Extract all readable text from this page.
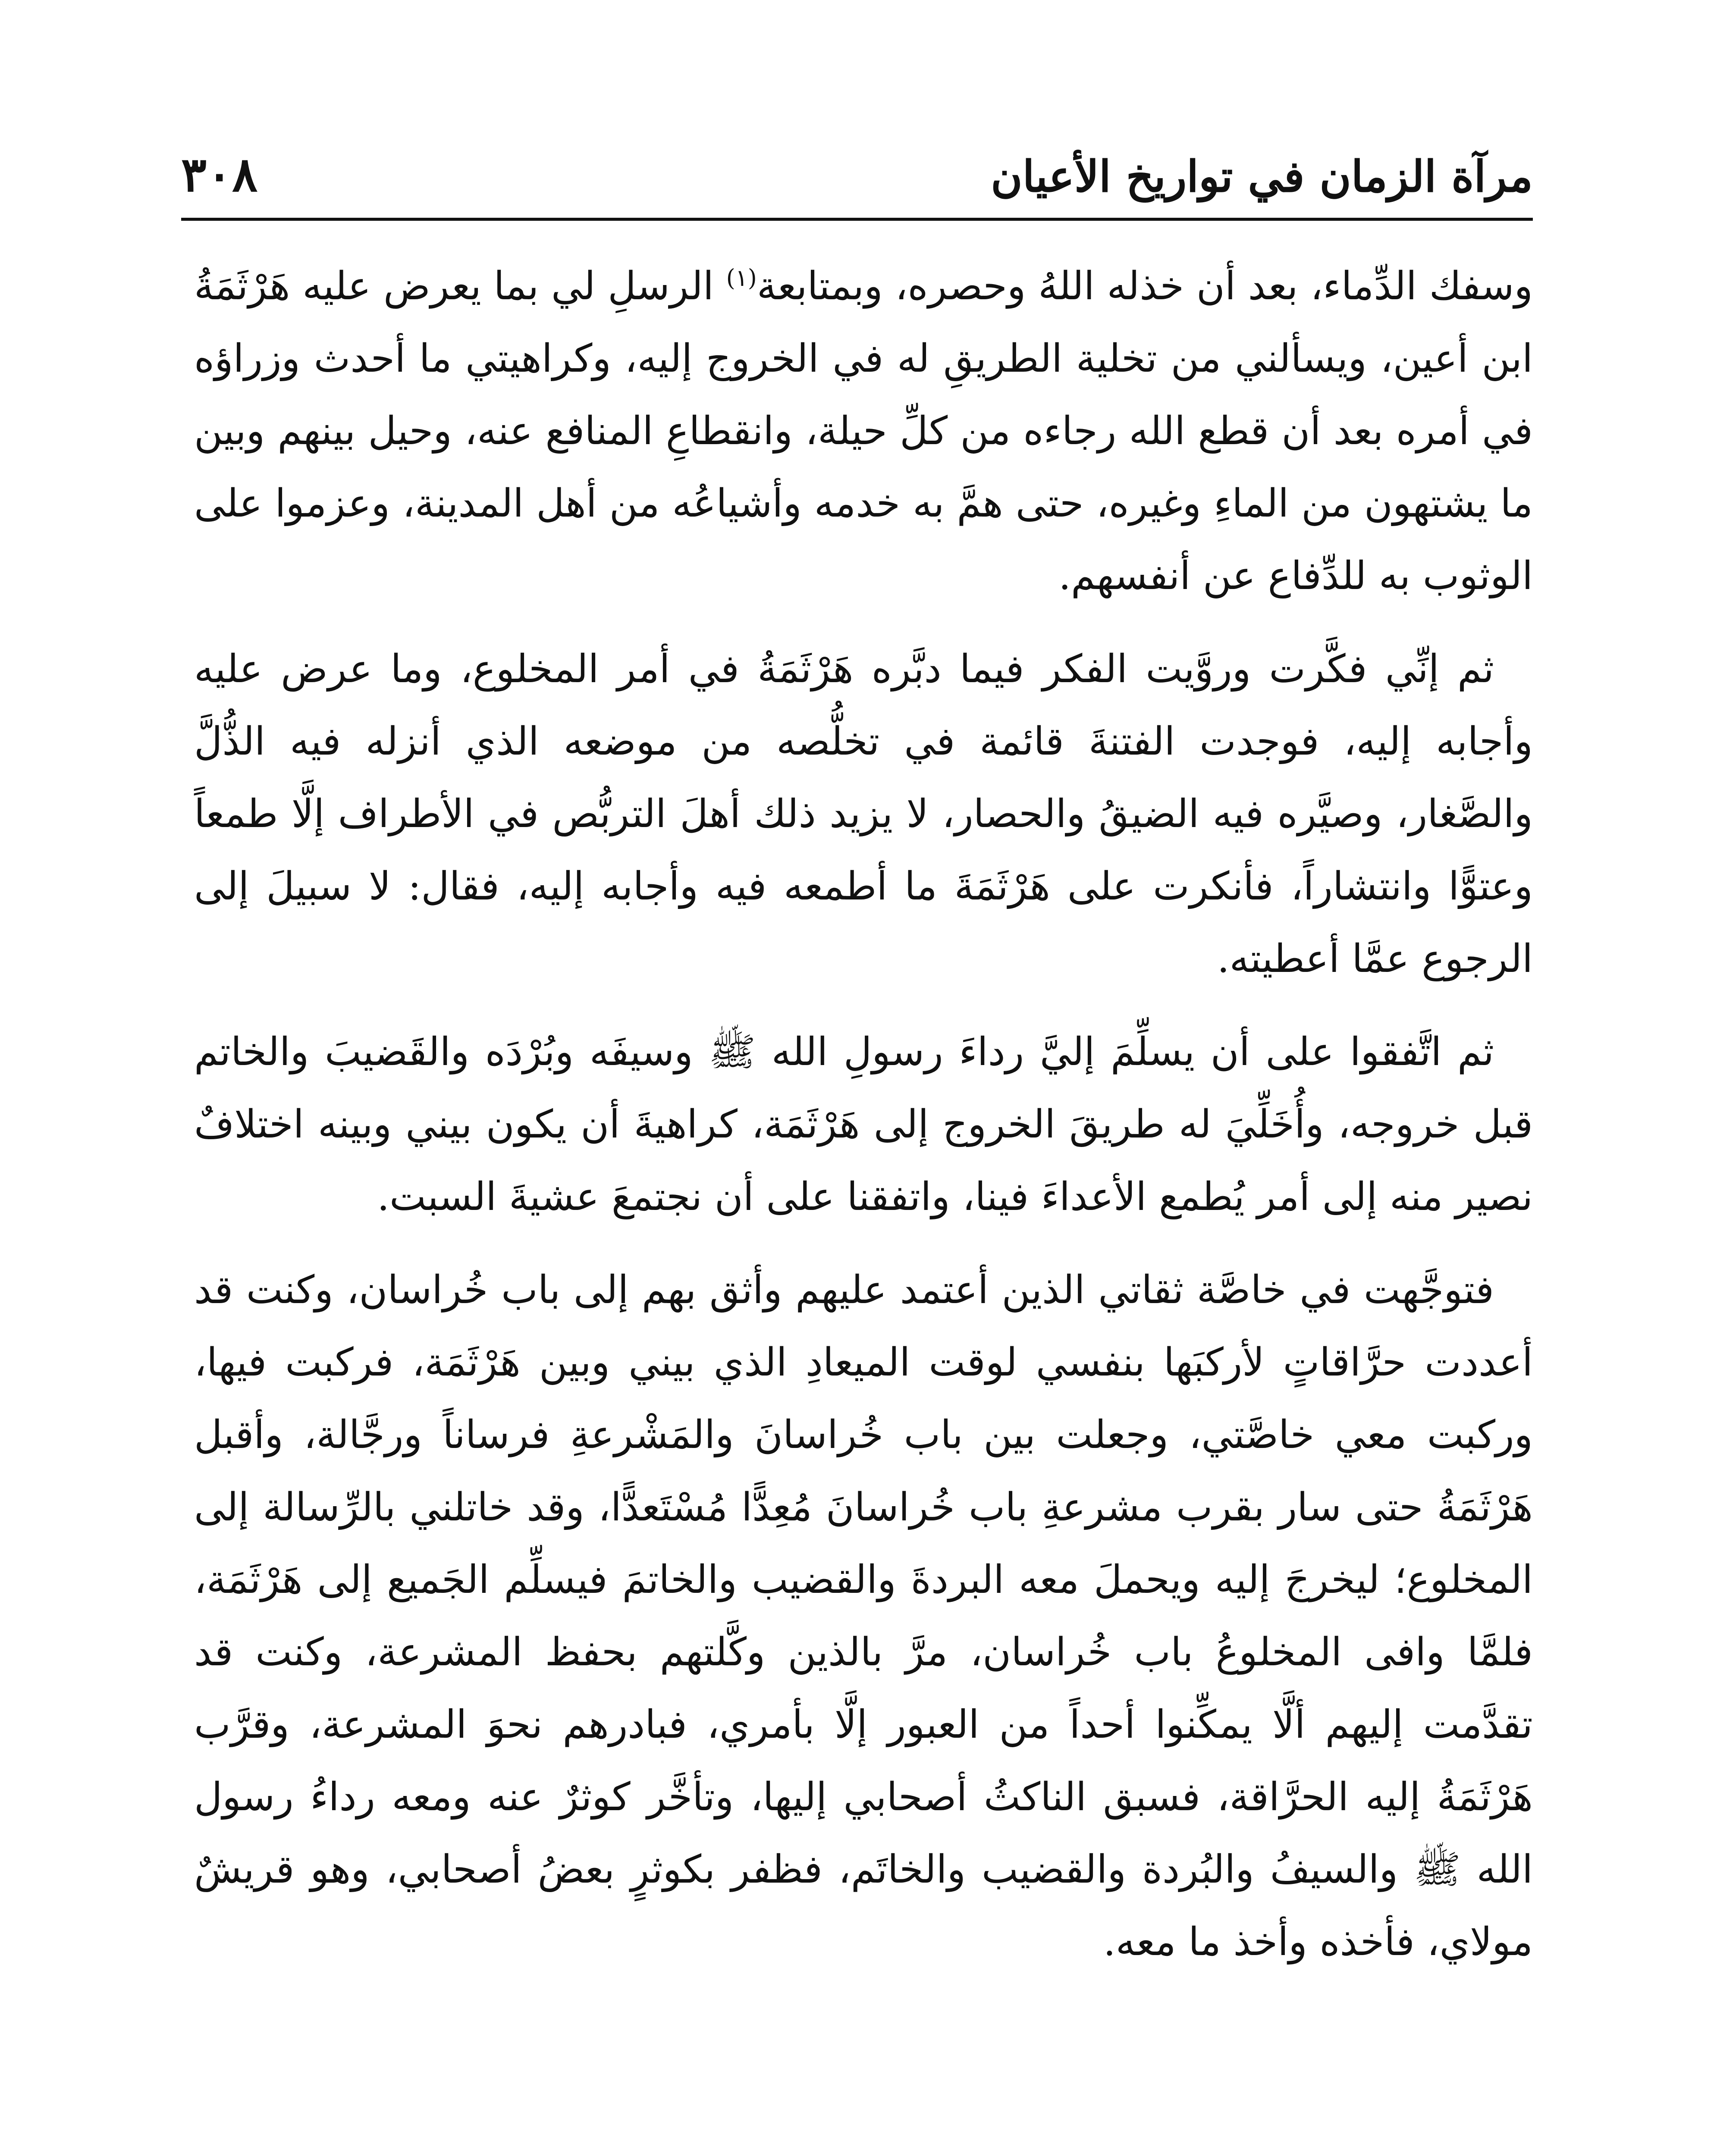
مرآة الزمان في تواريخ الأعيان
٣٠٨

وسفك الدِّماء، بعد أن خذله اللهُ وحصره، وبمتابعة$^{(١)}$ الرسلِ لي بما يعرض عليه هَرْثَمَةُ ابن أعين، ويسألني من تخلية الطريقِ له في الخروج إليه، وكراهيتي ما أحدث وزراؤه في أمره بعد أن قطع الله رجاءه من كلِّ حيلة، وانقطاعِ المنافع عنه، وحيل بينهم وبين ما يشتهون من الماءِ وغيره، حتى همَّ به خدمه وأشياعُه من أهل المدينة، وعزموا على الوثوب به للدِّفاع عن أنفسهم.

ثم إنِّي فكَّرت وروَّيت الفكر فيما دبَّره هَرْثَمَةُ في أمر المخلوع، وما عرض عليه وأجابه إليه، فوجدت الفتنةَ قائمة في تخلُّصه من موضعه الذي أنزله فيه الذُّلَّ والصَّغار، وصيَّره فيه الضيقُ والحصار، لا يزيد ذلك أهلَ التربُّص في الأطراف إلَّا طمعاً وعتوًّا وانتشاراً، فأنكرت على هَرْثَمَةَ ما أطمعه فيه وأجابه إليه، فقال: لا سبيلَ إلى الرجوع عمَّا أعطيته.

ثم اتَّفقوا على أن يسلِّمَ إليَّ رداءَ رسولِ الله ﷺ وسيفَه وبُرْدَه والقَضيبَ والخاتم قبل خروجه، وأُخَلِّيَ له طريقَ الخروج إلى هَرْثَمَة، كراهيةَ أن يكون بيني وبينه اختلافٌ نصير منه إلى أمر يُطمع الأعداءَ فينا، واتفقنا على أن نجتمعَ عشيةَ السبت.

فتوجَّهت في خاصَّة ثقاتي الذين أعتمد عليهم وأثق بهم إلى باب خُراسان، وكنت قد أعددت حرَّاقاتٍ لأركبَها بنفسي لوقت الميعادِ الذي بيني وبين هَرْثَمَة، فركبت فيها، وركبت معي خاصَّتي، وجعلت بين باب خُراسانَ والمَشْرعةِ فرساناً ورجَّالة، وأقبل هَرْثَمَةُ حتى سار بقرب مشرعةِ باب خُراسانَ مُعِدًّا مُسْتَعدًّا، وقد خاتلني بالرِّسالة إلى المخلوع؛ ليخرجَ إليه ويحملَ معه البردةَ والقضيب والخاتمَ فيسلِّم الجَميع إلى هَرْثَمَة، فلمَّا وافى المخلوعُ باب خُراسان، مرَّ بالذين وكَّلتهم بحفظ المشرعة، وكنت قد تقدَّمت إليهم ألَّا يمكِّنوا أحداً من العبور إلَّا بأمري، فبادرهم نحوَ المشرعة، وقرَّب هَرْثَمَةُ إليه الحرَّاقة، فسبق الناكثُ أصحابي إليها، وتأخَّر كوثرٌ عنه ومعه رداءُ رسول الله ﷺ والسيفُ والبُردة والقضيب والخاتَم، فظفر بكوثرٍ بعضُ أصحابي، وهو قريشٌ مولاي، فأخذه وأخذ ما معه.
